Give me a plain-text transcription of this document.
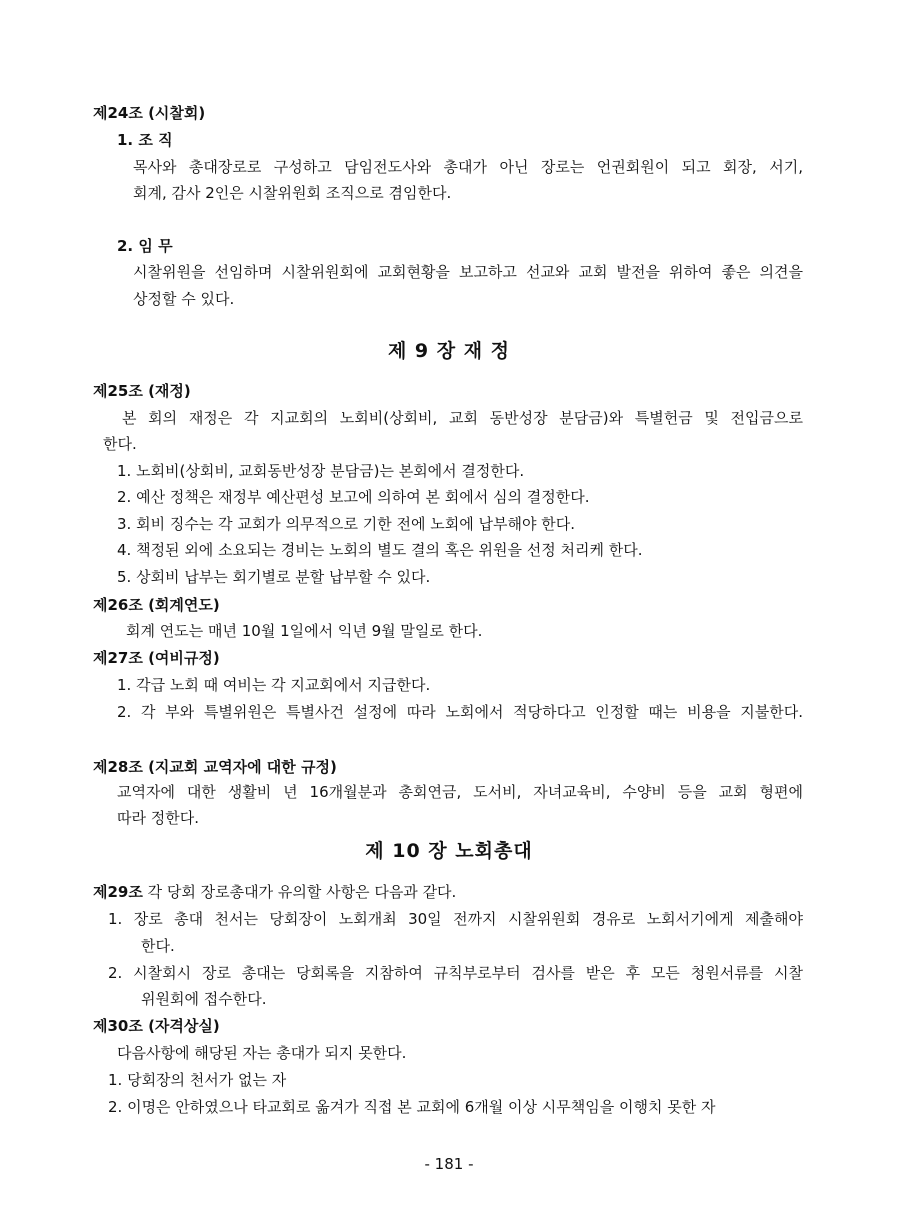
제24조 (시찰회)
1. 조 직
목사와 총대장로로 구성하고 담임전도사와 총대가 아닌 장로는 언권회원이 되고 회장, 서기,
회계, 감사 2인은 시찰위원회 조직으로 겸임한다.
2. 임 무
시찰위원을 선임하며 시찰위원회에 교회현황을 보고하고 선교와 교회 발전을 위하여 좋은 의견을
상정할 수 있다.
제 9 장 재 정
제25조 (재정)
본 회의 재정은 각 지교회의 노회비(상회비, 교회 동반성장 분담금)와 특별헌금 및 전입금으로
한다.
1. 노회비(상회비, 교회동반성장 분담금)는 본회에서 결정한다.
2. 예산 정책은 재정부 예산편성 보고에 의하여 본 회에서 심의 결정한다.
3. 회비 징수는 각 교회가 의무적으로 기한 전에 노회에 납부해야 한다.
4. 책정된 외에 소요되는 경비는 노회의 별도 결의 혹은 위원을 선정 처리케 한다.
5. 상회비 납부는 회기별로 분할 납부할 수 있다.
제26조 (회계연도)
회계 연도는 매년 10월 1일에서 익년 9월 말일로 한다.
제27조 (여비규정)
1. 각급 노회 때 여비는 각 지교회에서 지급한다.
2. 각 부와 특별위원은 특별사건 설정에 따라 노회에서 적당하다고 인정할 때는 비용을 지불한다.
제28조 (지교회 교역자에 대한 규정)
교역자에 대한 생활비 년 16개월분과 총회연금, 도서비, 자녀교육비, 수양비 등을 교회 형편에
따라 정한다.
제 10 장 노회총대
제29조 각 당회 장로총대가 유의할 사항은 다음과 같다.
1. 장로 총대 천서는 당회장이 노회개최 30일 전까지 시찰위원회 경유로 노회서기에게 제출해야
한다.
2. 시찰회시 장로 총대는 당회록을 지참하여 규칙부로부터 검사를 받은 후 모든 청원서류를 시찰
위원회에 접수한다.
제30조 (자격상실)
다음사항에 해당된 자는 총대가 되지 못한다.
1. 당회장의 천서가 없는 자
2. 이명은 안하였으나 타교회로 옮겨가 직접 본 교회에 6개월 이상 시무책임을 이행치 못한 자
- 181 -
